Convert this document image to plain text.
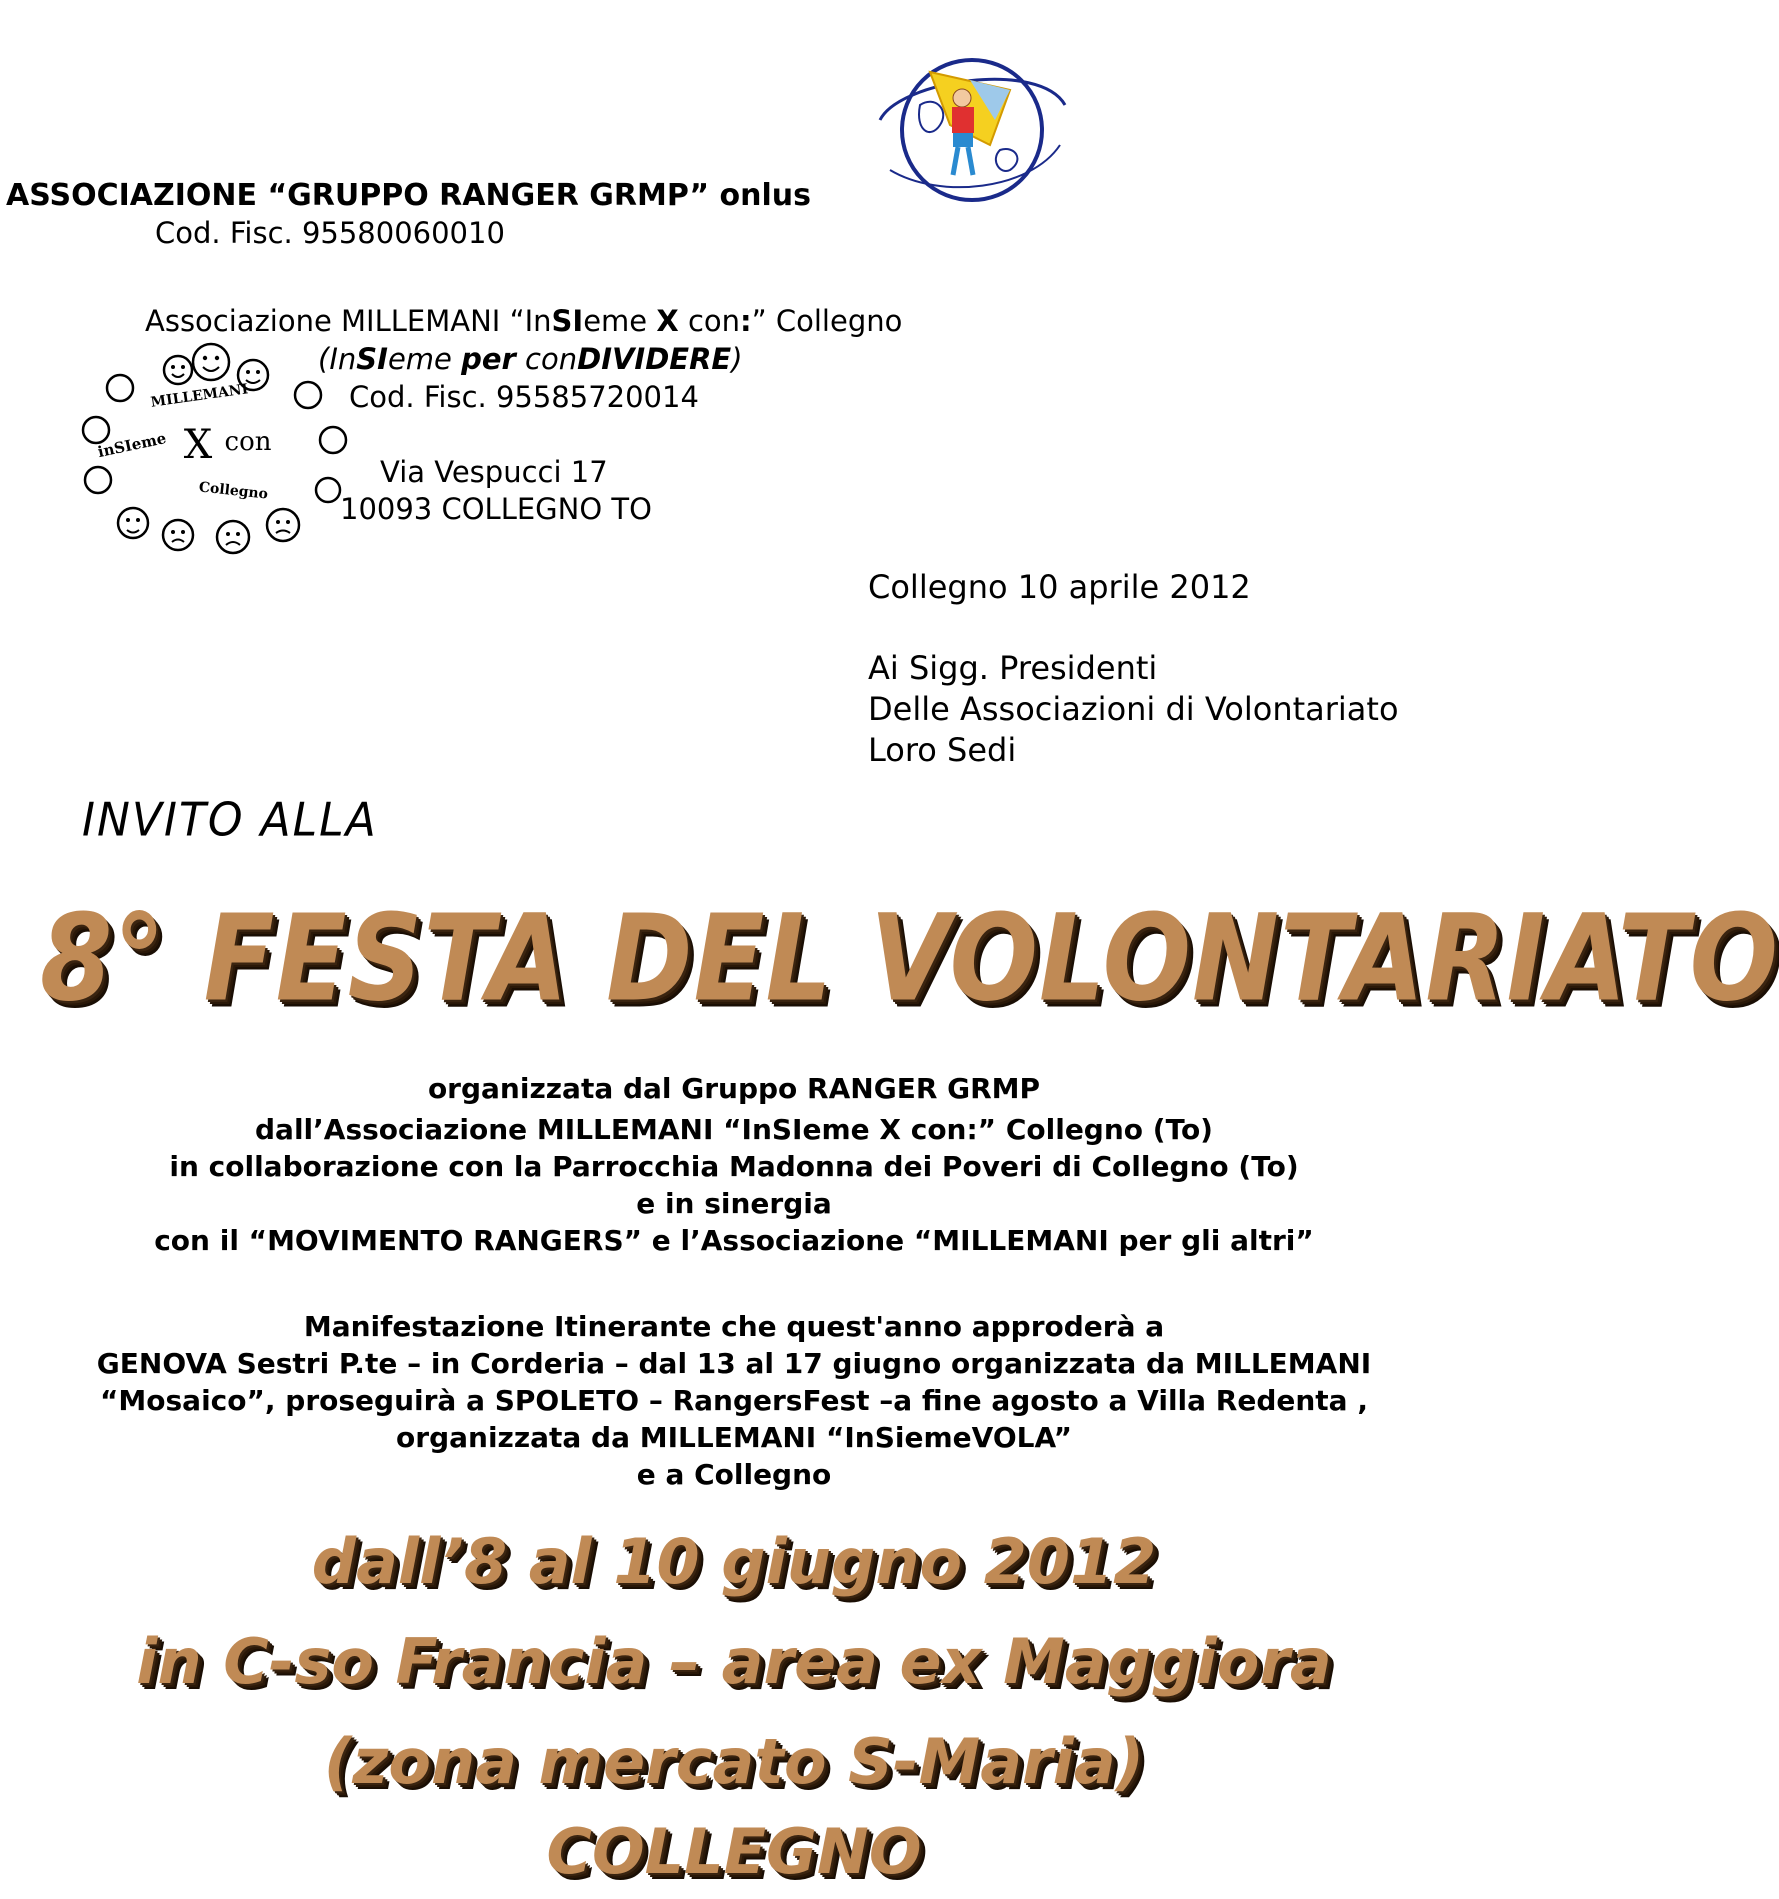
ASSOCIAZIONE “GRUPPO RANGER GRMP” onlus
Cod. Fisc. 95580060010
MILLEMANI
inSIeme X con
Collegno
Associazione MILLEMANI “InSIeme X con:” Collegno
(InSIeme per conDIVIDERE)
Cod. Fisc. 95585720014
Via Vespucci 17
10093 COLLEGNO TO
Collegno 10 aprile 2012
Ai Sigg. Presidenti
Delle Associazioni di Volontariato
Loro Sedi
INVITO ALLA
8° FESTA DEL VOLONTARIATO
organizzata dal Gruppo RANGER GRMP
dall’Associazione MILLEMANI “InSIeme X con:” Collegno (To)
in collaborazione con la Parrocchia Madonna dei Poveri di Collegno (To)
e in sinergia
con il “MOVIMENTO RANGERS” e l’Associazione “MILLEMANI per gli altri”
Manifestazione Itinerante che quest'anno approderà a
GENOVA Sestri P.te – in Corderia – dal 13 al 17 giugno organizzata da MILLEMANI
“Mosaico”, proseguirà a SPOLETO – RangersFest –a fine agosto a Villa Redenta ,
organizzata da MILLEMANI “InSiemeVOLA”
e a Collegno
dall’8 al 10 giugno 2012
in C-so Francia – area ex Maggiora
(zona mercato S-Maria)
COLLEGNO
